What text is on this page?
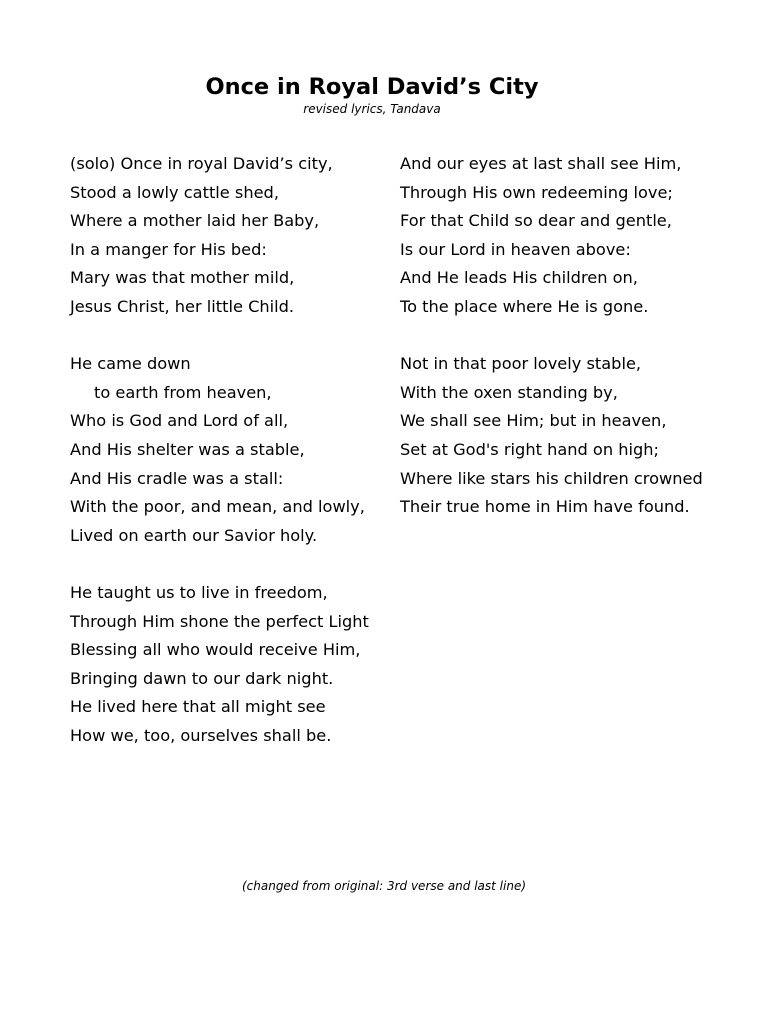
Once in Royal David’s City
revised lyrics, Tandava
(solo) Once in royal David’s city,
Stood a lowly cattle shed,
Where a mother laid her Baby,
In a manger for His bed:
Mary was that mother mild,
Jesus Christ, her little Child.
He came down
to earth from heaven,
Who is God and Lord of all,
And His shelter was a stable,
And His cradle was a stall:
With the poor, and mean, and lowly,
Lived on earth our Savior holy.
He taught us to live in freedom,
Through Him shone the perfect Light
Blessing all who would receive Him,
Bringing dawn to our dark night.
He lived here that all might see
How we, too, ourselves shall be.
And our eyes at last shall see Him,
Through His own redeeming love;
For that Child so dear and gentle,
Is our Lord in heaven above:
And He leads His children on,
To the place where He is gone.
Not in that poor lovely stable,
With the oxen standing by,
We shall see Him; but in heaven,
Set at God's right hand on high;
Where like stars his children crowned
Their true home in Him have found.
(changed from original: 3rd verse and last line)
